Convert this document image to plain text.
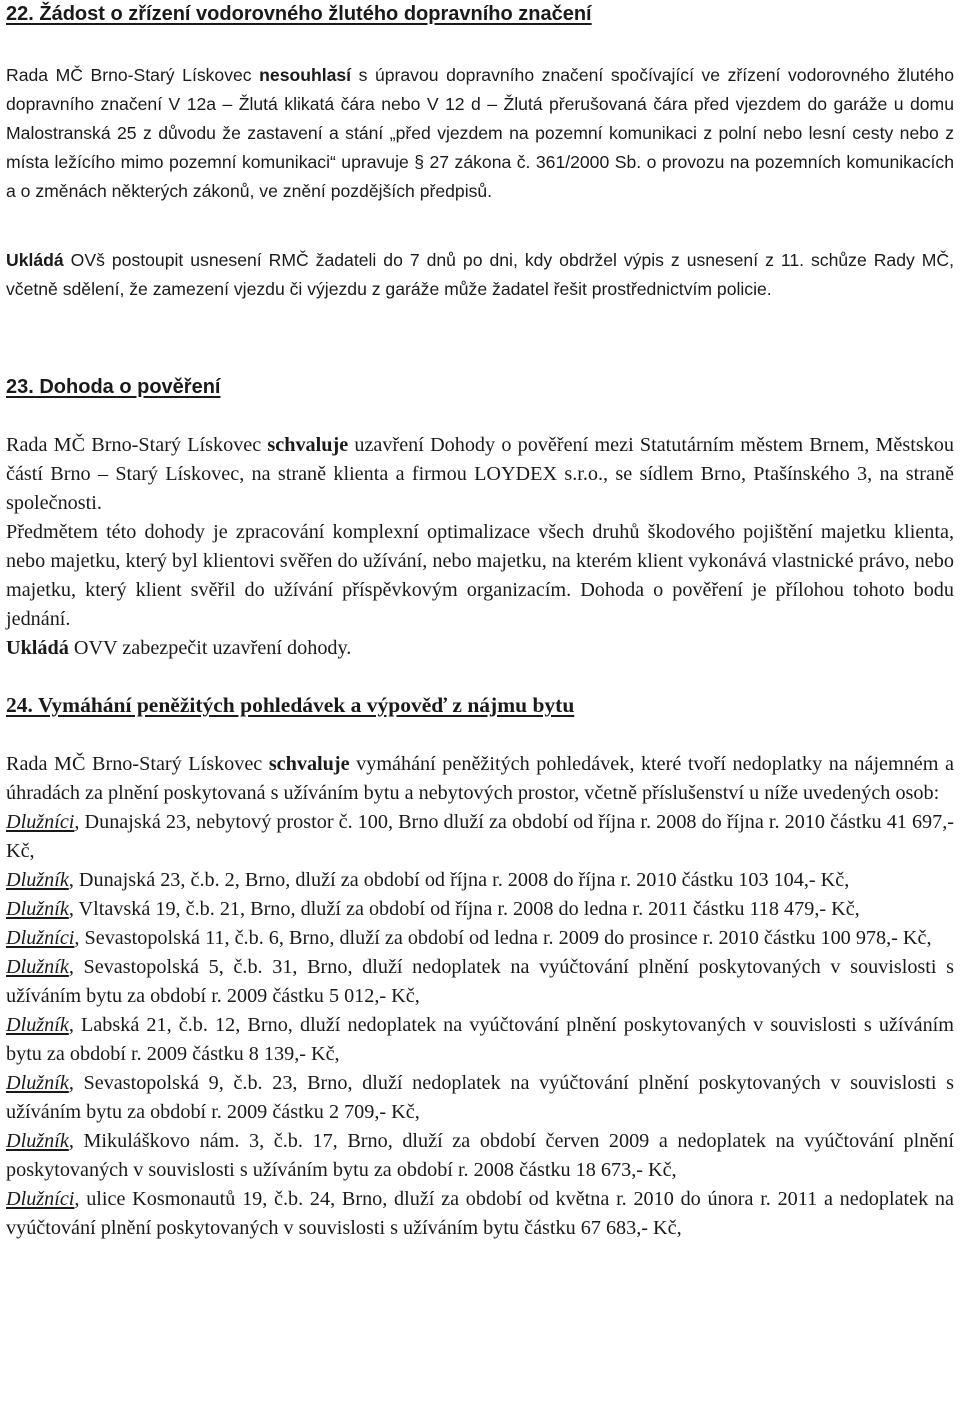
22. Žádost o zřízení vodorovného žlutého dopravního značení

Rada MČ Brno-Starý Lískovec nesouhlasí s úpravou dopravního značení spočívající ve zřízení vodorovného žlutého dopravního značení V 12a – Žlutá klikatá čára nebo V 12 d – Žlutá přerušovaná čára před vjezdem do garáže u domu Malostranská 25 z důvodu že zastavení a stání „před vjezdem na pozemní komunikaci z polní nebo lesní cesty nebo z místa ležícího mimo pozemní komunikaci“ upravuje § 27 zákona č. 361/2000 Sb. o provozu na pozemních komunikacích a o změnách některých zákonů, ve znění pozdějších předpisů.

Ukládá OVš postoupit usnesení RMČ žadateli do 7 dnů po dni, kdy obdržel výpis z usnesení z 11. schůze Rady MČ, včetně sdělení, že zamezení vjezdu či výjezdu z garáže může žadatel řešit prostřednictvím policie.

23. Dohoda o pověření

Rada MČ Brno-Starý Lískovec schvaluje uzavření Dohody o pověření mezi Statutárním městem Brnem, Městskou částí Brno – Starý Lískovec, na straně klienta a firmou LOYDEX s.r.o., se sídlem Brno, Ptašínského 3, na straně společnosti.

Předmětem této dohody je zpracování komplexní optimalizace všech druhů škodového pojištění majetku klienta, nebo majetku, který byl klientovi svěřen do užívání, nebo majetku, na kterém klient vykonává vlastnické právo, nebo majetku, který klient svěřil do užívání příspěvkovým organizacím. Dohoda o pověření je přílohou tohoto bodu jednání.

Ukládá OVV zabezpečit uzavření dohody.

24. Vymáhání peněžitých pohledávek a výpověď z nájmu bytu

Rada MČ Brno-Starý Lískovec schvaluje vymáhání peněžitých pohledávek, které tvoří nedoplatky na nájemném a úhradách za plnění poskytovaná s užíváním bytu a nebytových prostor, včetně příslušenství u níže uvedených osob:

Dlužníci, Dunajská 23, nebytový prostor č. 100, Brno dluží za období od října r. 2008 do října r. 2010 částku 41 697,- Kč,

Dlužník, Dunajská 23, č.b. 2, Brno, dluží za období od října r. 2008 do října r. 2010 částku 103 104,- Kč,

Dlužník, Vltavská 19, č.b. 21, Brno, dluží za období od října r. 2008 do ledna r. 2011 částku 118 479,- Kč,

Dlužníci, Sevastopolská 11, č.b. 6, Brno, dluží za období od ledna r. 2009 do prosince r. 2010 částku 100 978,- Kč,

Dlužník, Sevastopolská 5, č.b. 31, Brno, dluží nedoplatek na vyúčtování plnění poskytovaných v souvislosti s užíváním bytu za období r. 2009 částku 5 012,- Kč,

Dlužník, Labská 21, č.b. 12, Brno, dluží nedoplatek na vyúčtování plnění poskytovaných v souvislosti s užíváním bytu za období r. 2009 částku 8 139,- Kč,

Dlužník, Sevastopolská 9, č.b. 23, Brno, dluží nedoplatek na vyúčtování plnění poskytovaných v souvislosti s užíváním bytu za období r. 2009 částku 2 709,- Kč,

Dlužník, Mikuláškovo nám. 3, č.b. 17, Brno, dluží za období červen 2009 a nedoplatek na vyúčtování plnění poskytovaných v souvislosti s užíváním bytu za období r. 2008 částku 18 673,- Kč,

Dlužníci, ulice Kosmonautů 19, č.b. 24, Brno, dluží za období od května r. 2010 do února r. 2011 a nedoplatek na vyúčtování plnění poskytovaných v souvislosti s užíváním bytu částku 67 683,- Kč,
